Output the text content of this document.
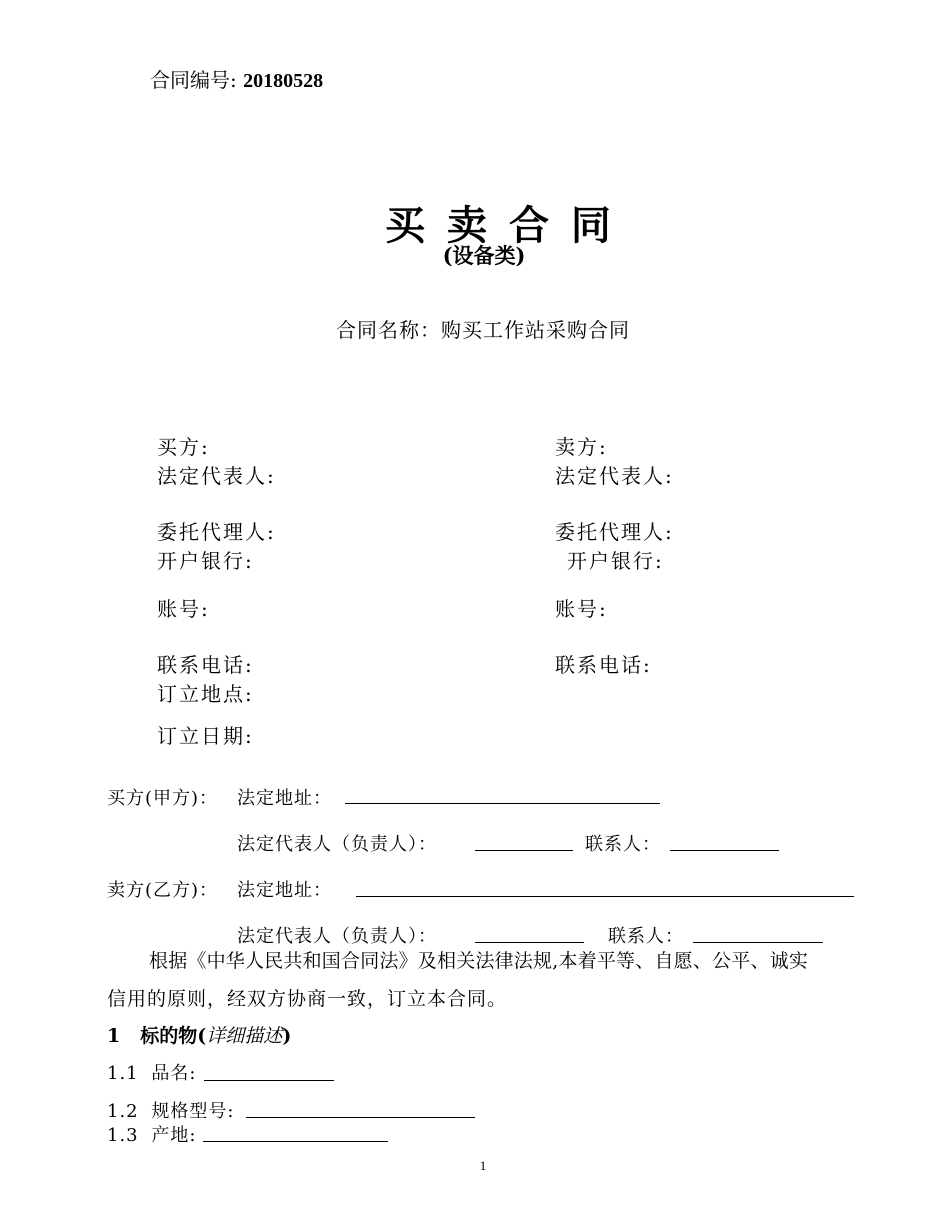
合同编号: 20180528
买 卖 合 同
(设备类)
合同名称：购买工作站采购合同
买方:
法定代表人:
委托代理人:
开户银行:
账号:
联系电话:
订立地点:
订立日期:
卖方:
法定代表人:
委托代理人:
开户银行:
账号:
联系电话:
买方(甲方)： 法定地址：
法定代表人（负责人）：	联系人：
卖方(乙方)： 法定地址：
法定代表人（负责人）：	联系人：
根据《中华人民共和国合同法》及相关法律法规,本着平等、自愿、公平、诚实
信用的原则，经双方协商一致，订立本合同。
1 标的物(详细描述)
1.1 品名:
1.2 规格型号:
1.3 产地:
1
